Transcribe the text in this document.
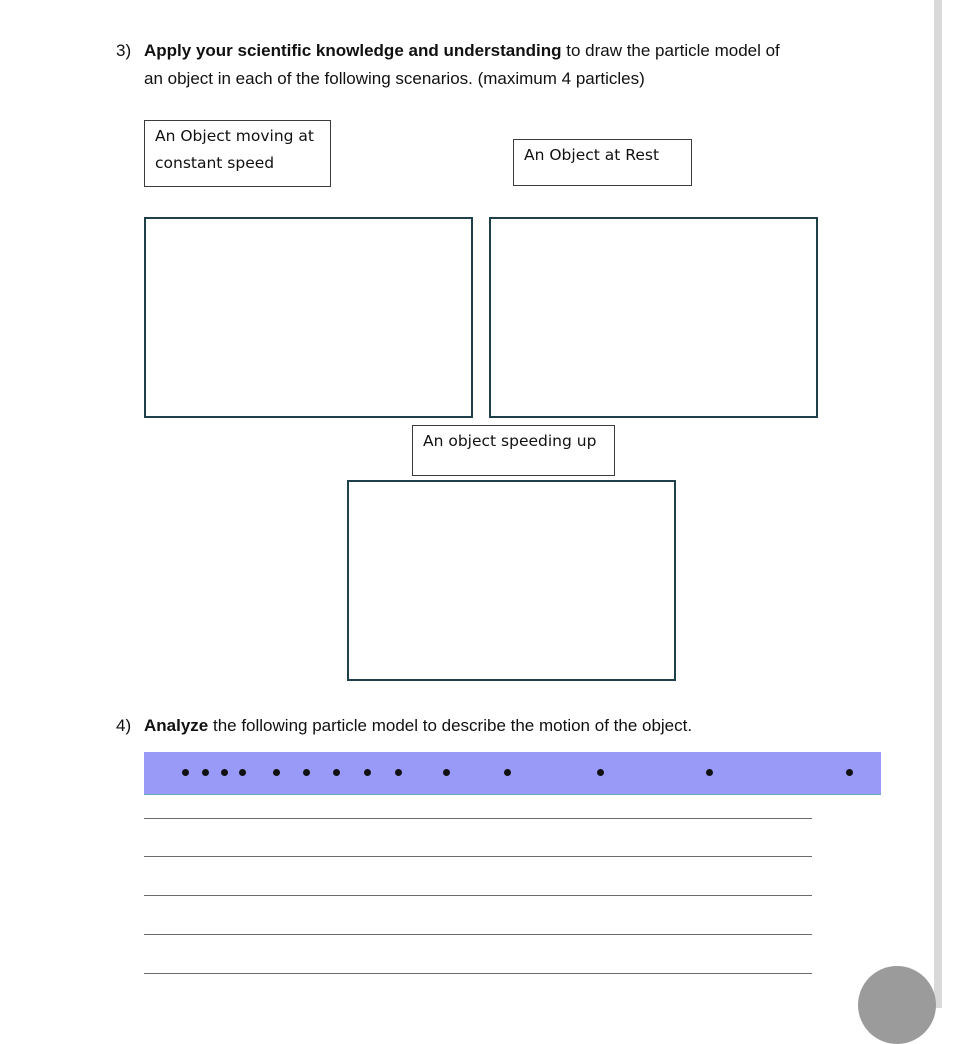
3) Apply your scientific knowledge and understanding to draw the particle model of
an object in each of the following scenarios. (maximum 4 particles)
An Object moving at constant speed	An Object at Rest
An object speeding up
4) Analyze the following particle model to describe the motion of the object.
